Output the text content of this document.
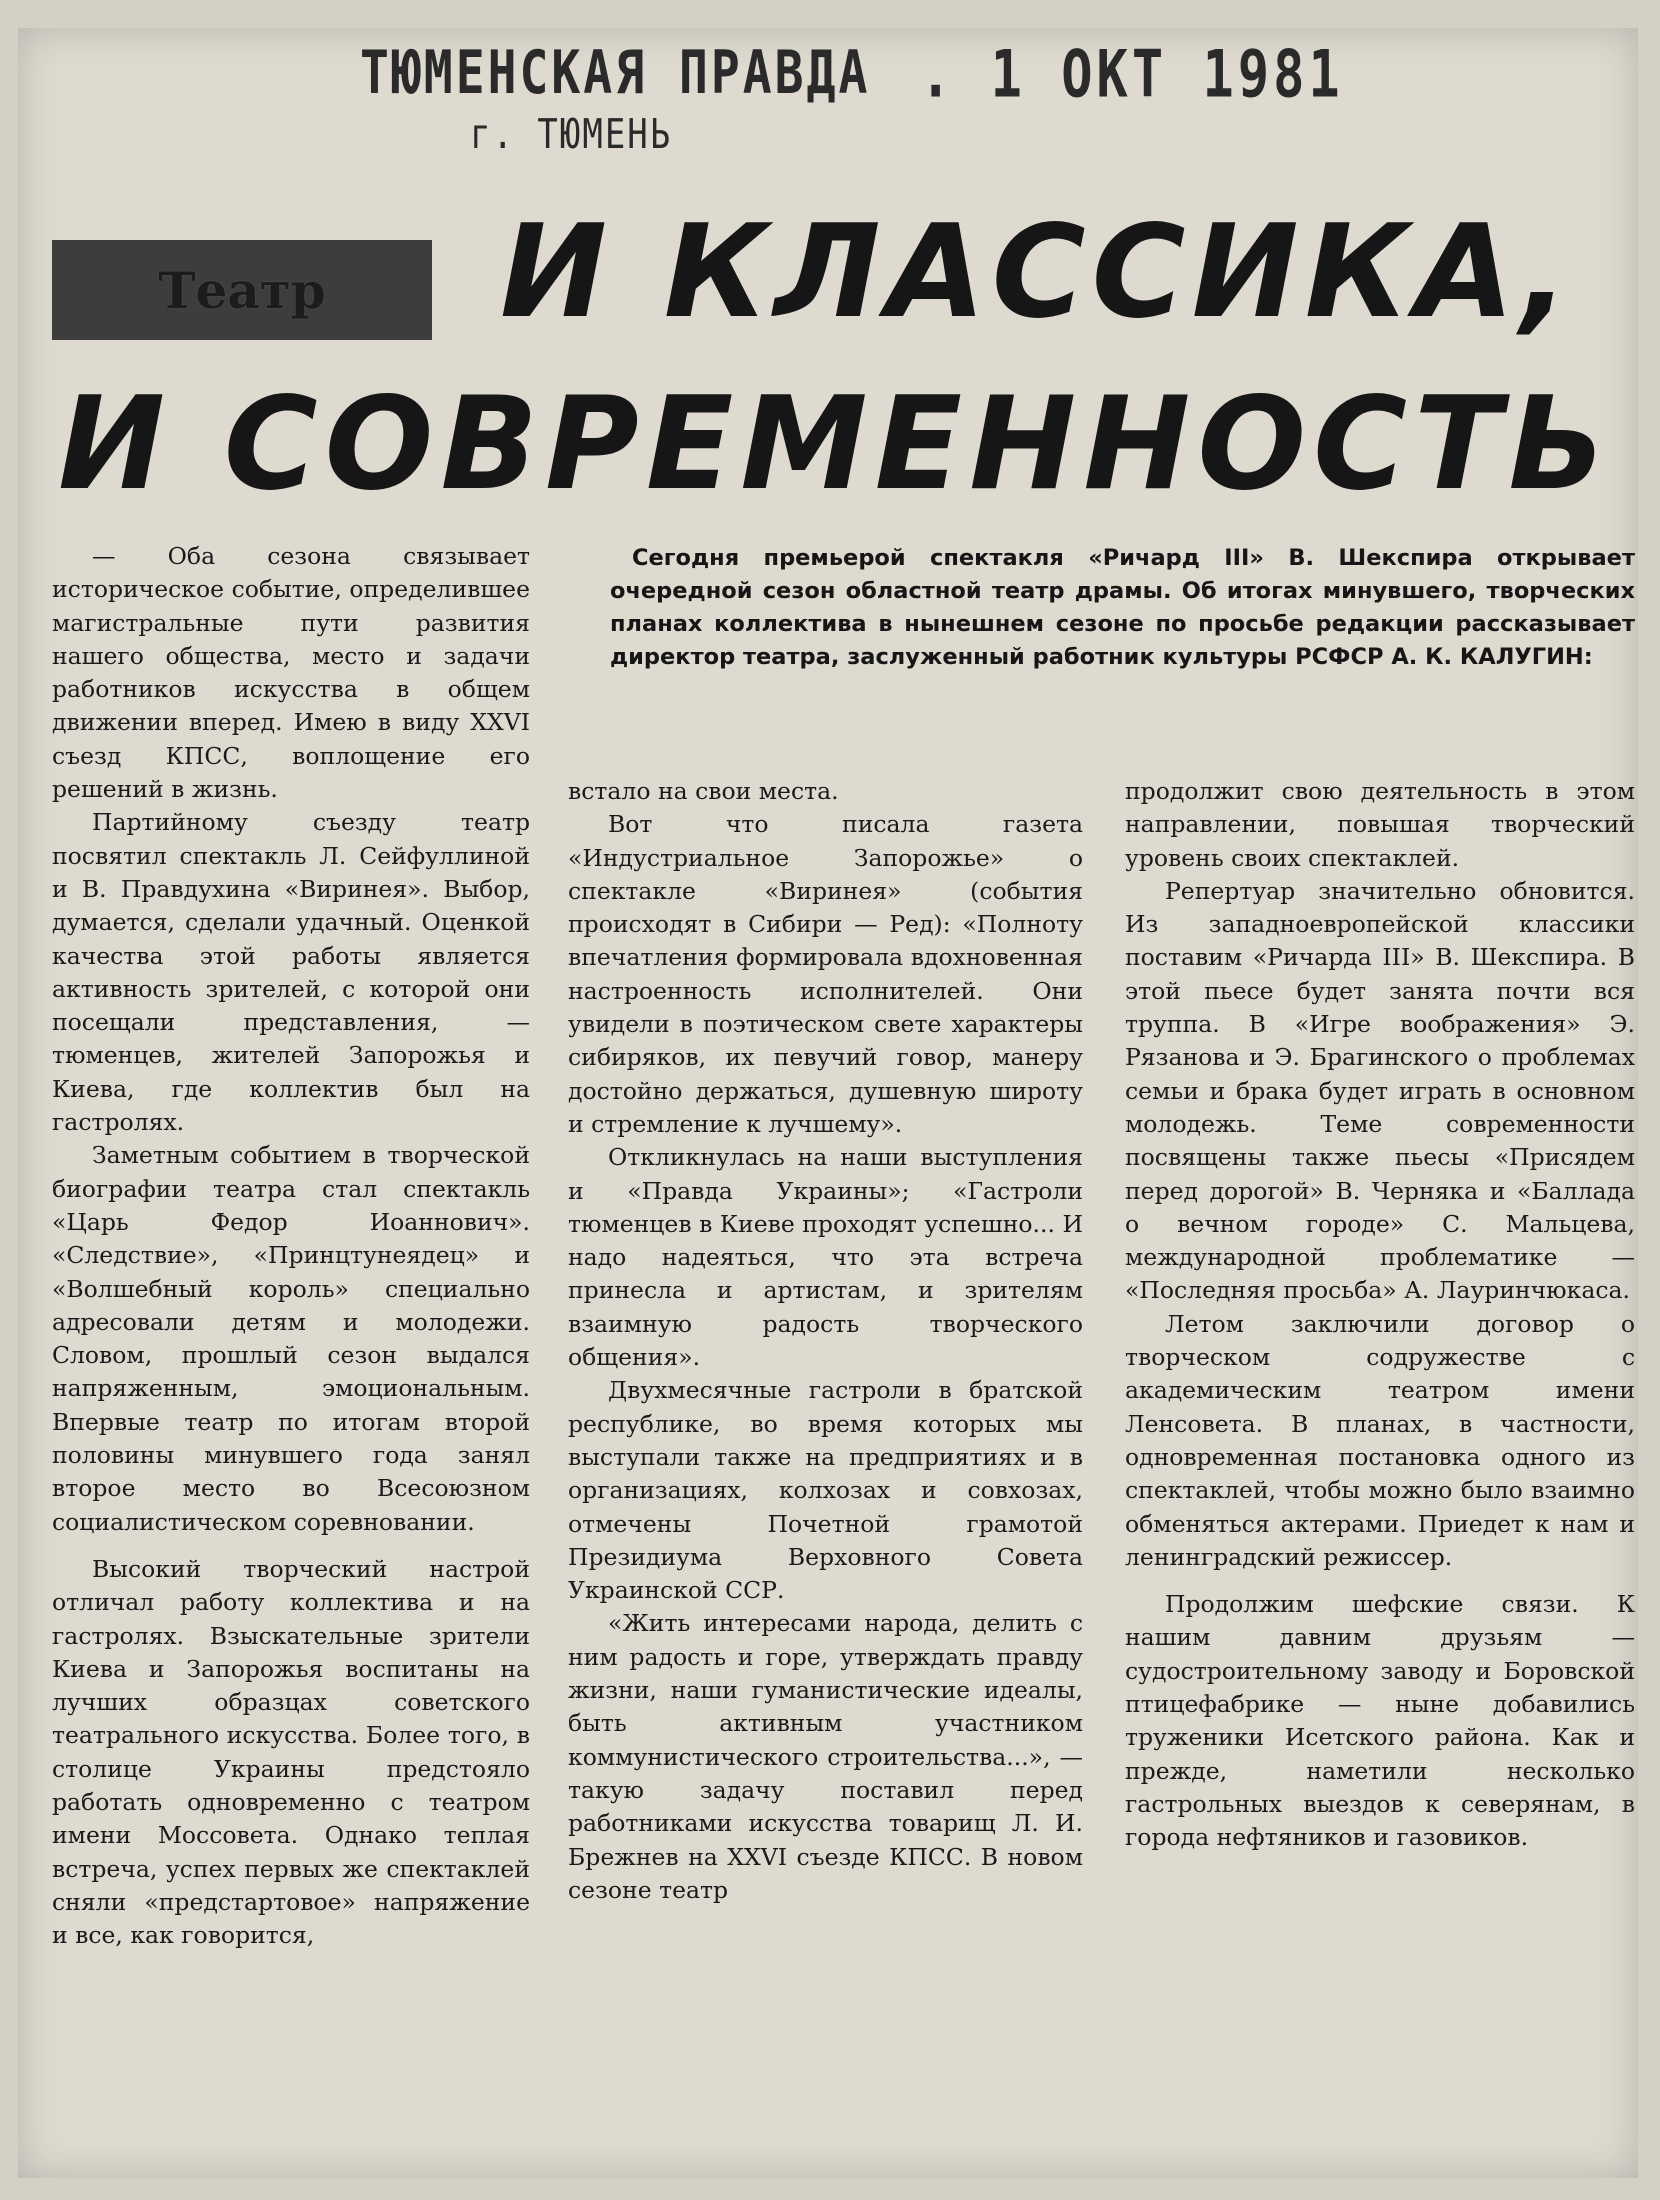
ТЮМЕНСКАЯ ПРАВДА
г. ТЮМЕНЬ
. 1 ОКТ 1981
Театр И КЛАССИКА,
И СОВРЕМЕННОСТЬ

Сегодня премьерой спектакля «Ричард III» В. Шекспира открывает очередной сезон областной театр драмы. Об итогах минувшего, творческих планах коллектива в нынешнем сезоне по просьбе редакции рассказывает директор театра, заслуженный работник культуры РСФСР А. К. КАЛУГИН:

— Оба сезона связывает историческое событие, определившее магистральные пути развития нашего общества, место и задачи работников искусства в общем движении вперед. Имею в виду XXVI съезд КПСС, воплощение его решений в жизнь.

Партийному съезду театр посвятил спектакль Л. Сейфуллиной и В. Правдухина «Виринея». Выбор, думается, сделали удачный. Оценкой качества этой работы является активность зрителей, с которой они посещали представления, — тюменцев, жителей Запорожья и Киева, где коллектив был на гастролях.

Заметным событием в творческой биографии театра стал спектакль «Царь Федор Иоаннович». «Следствие», «Принцтунеядец» и «Волшебный король» специально адресовали детям и молодежи. Словом, прошлый сезон выдался напряженным, эмоциональным. Впервые театр по итогам второй половины минувшего года занял второе место во Всесоюзном социалистическом соревновании.

Высокий творческий настрой отличал работу коллектива и на гастролях. Взыскательные зрители Киева и Запорожья воспитаны на лучших образцах советского театрального искусства. Более того, в столице Украины предстояло работать одновременно с театром имени Моссовета. Однако теплая встреча, успех первых же спектаклей сняли «предстартовое» напряжение и все, как говорится,

встало на свои места.

Вот что писала газета «Индустриальное Запорожье» о спектакле «Виринея» (события происходят в Сибири — Ред): «Полноту впечатления формировала вдохновенная настроенность исполнителей. Они увидели в поэтическом свете характеры сибиряков, их певучий говор, манеру достойно держаться, душевную широту и стремление к лучшему».

Откликнулась на наши выступления и «Правда Украины»; «Гастроли тюменцев в Киеве проходят успешно... И надо надеяться, что эта встреча принесла и артистам, и зрителям взаимную радость творческого общения».

Двухмесячные гастроли в братской республике, во время которых мы выступали также на предприятиях и в организациях, колхозах и совхозах, отмечены Почетной грамотой Президиума Верховного Совета Украинской ССР.

«Жить интересами народа, делить с ним радость и горе, утверждать правду жизни, наши гуманистические идеалы, быть активным участником коммунистического строительства...», — такую задачу поставил перед работниками искусства товарищ Л. И. Брежнев на XXVI съезде КПСС. В новом сезоне театр

продолжит свою деятельность в этом направлении, повышая творческий уровень своих спектаклей.

Репертуар значительно обновится. Из западноевропейской классики поставим «Ричарда III» В. Шекспира. В этой пьесе будет занята почти вся труппа. В «Игре воображения» Э. Рязанова и Э. Брагинского о проблемах семьи и брака будет играть в основном молодежь. Теме современности посвящены также пьесы «Присядем перед дорогой» В. Черняка и «Баллада о вечном городе» С. Мальцева, международной проблематике — «Последняя просьба» А. Лауринчюкаса.

Летом заключили договор о творческом содружестве с академическим театром имени Ленсовета. В планах, в частности, одновременная постановка одного из спектаклей, чтобы можно было взаимно обменяться актерами. Приедет к нам и ленинградский режиссер.

Продолжим шефские связи. К нашим давним друзьям — судостроительному заводу и Боровской птицефабрике — ныне добавились труженики Исетского района. Как и прежде, наметили несколько гастрольных выездов к северянам, в города нефтяников и газовиков.
